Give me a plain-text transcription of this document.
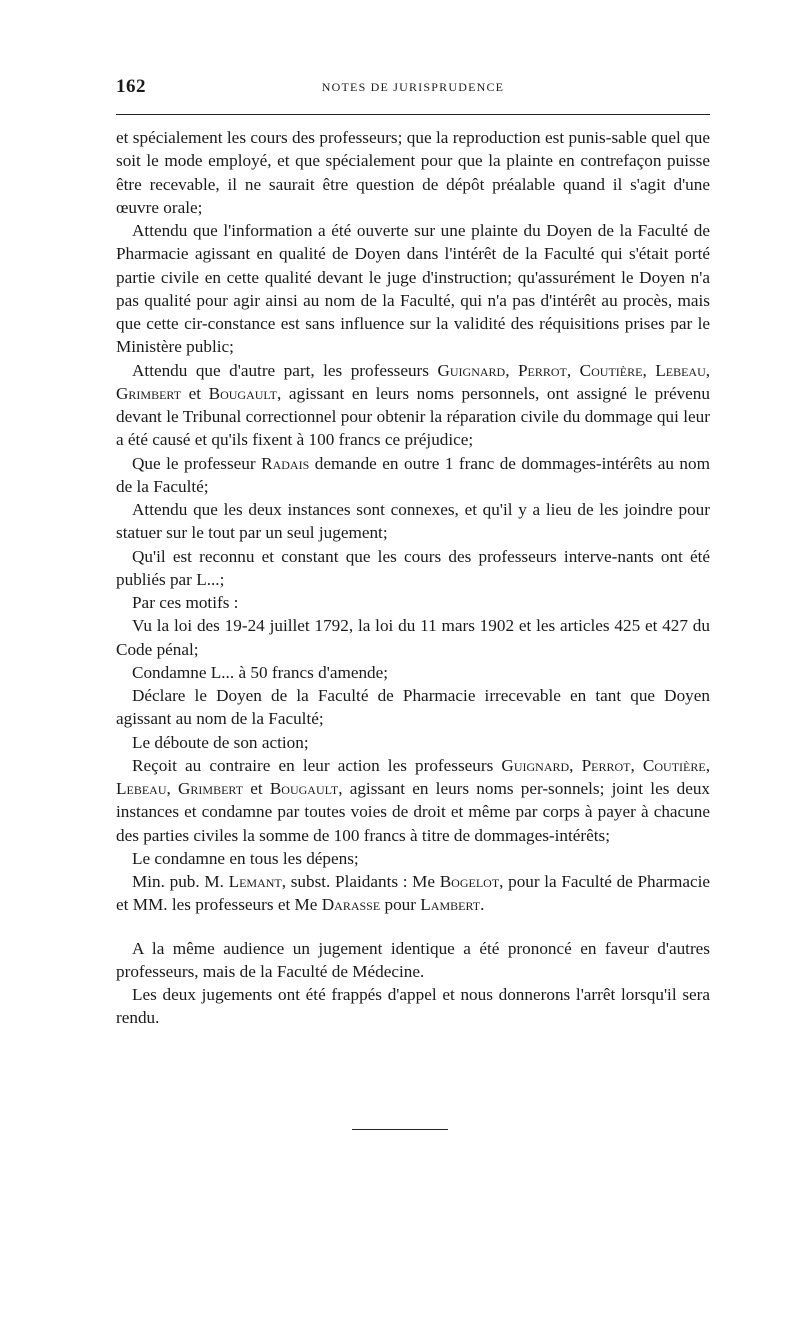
162	NOTES DE JURISPRUDENCE

et spécialement les cours des professeurs; que la reproduction est punis-sable quel que soit le mode employé, et que spécialement pour que la plainte en contrefaçon puisse être recevable, il ne saurait être question de dépôt préalable quand il s'agit d'une œuvre orale;

Attendu que l'information a été ouverte sur une plainte du Doyen de la Faculté de Pharmacie agissant en qualité de Doyen dans l'intérêt de la Faculté qui s'était porté partie civile en cette qualité devant le juge d'instruction; qu'assurément le Doyen n'a pas qualité pour agir ainsi au nom de la Faculté, qui n'a pas d'intérêt au procès, mais que cette cir-constance est sans influence sur la validité des réquisitions prises par le Ministère public;

Attendu que d'autre part, les professeurs Guignard, Perrot, Coutière, Lebeau, Grimbert et Bougault, agissant en leurs noms personnels, ont assigné le prévenu devant le Tribunal correctionnel pour obtenir la réparation civile du dommage qui leur a été causé et qu'ils fixent à 100 francs ce préjudice;

Que le professeur Radais demande en outre 1 franc de dommages-intérêts au nom de la Faculté;

Attendu que les deux instances sont connexes, et qu'il y a lieu de les joindre pour statuer sur le tout par un seul jugement;

Qu'il est reconnu et constant que les cours des professeurs interve-nants ont été publiés par L...;

Par ces motifs :

Vu la loi des 19-24 juillet 1792, la loi du 11 mars 1902 et les articles 425 et 427 du Code pénal;

Condamne L... à 50 francs d'amende;

Déclare le Doyen de la Faculté de Pharmacie irrecevable en tant que Doyen agissant au nom de la Faculté;

Le déboute de son action;

Reçoit au contraire en leur action les professeurs Guignard, Perrot, Coutière, Lebeau, Grimbert et Bougault, agissant en leurs noms per-sonnels; joint les deux instances et condamne par toutes voies de droit et même par corps à payer à chacune des parties civiles la somme de 100 francs à titre de dommages-intérêts;

Le condamne en tous les dépens;

Min. pub. M. Lemant, subst. Plaidants : Me Bogelot, pour la Faculté de Pharmacie et MM. les professeurs et Me Darasse pour Lambert.

A la même audience un jugement identique a été prononcé en faveur d'autres professeurs, mais de la Faculté de Médecine.

Les deux jugements ont été frappés d'appel et nous donnerons l'arrêt lorsqu'il sera rendu.
